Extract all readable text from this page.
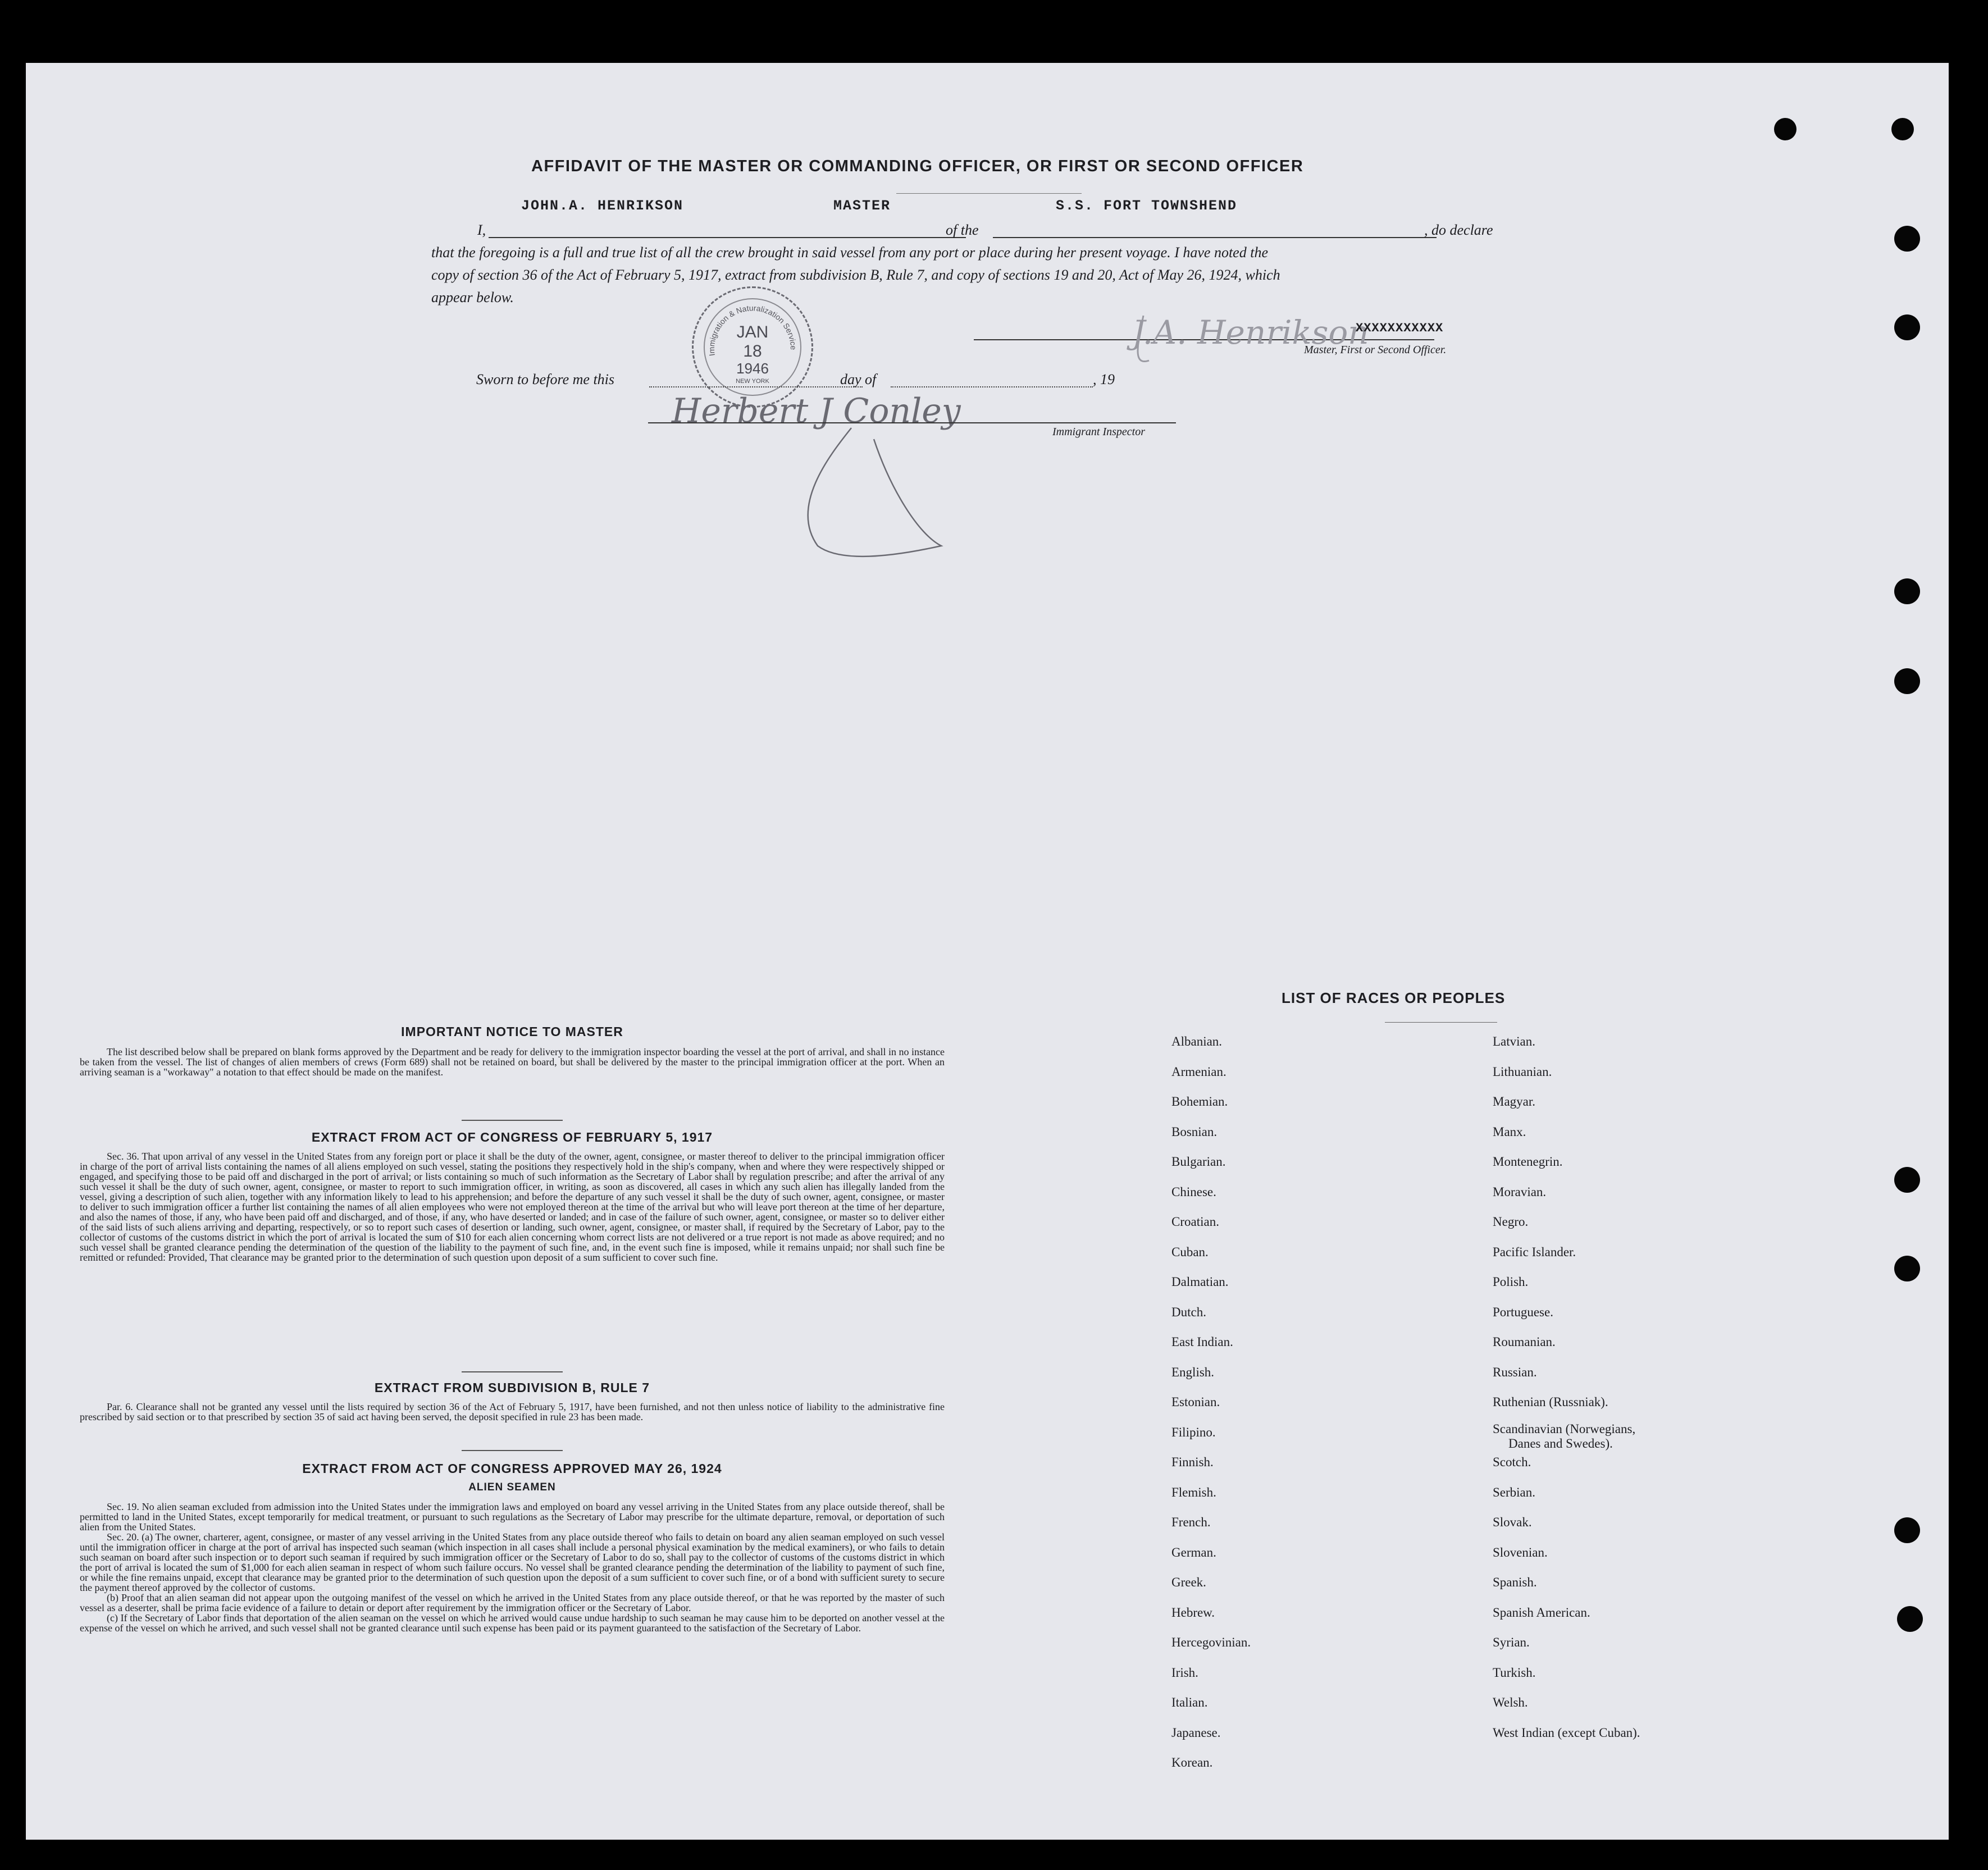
AFFIDAVIT OF THE MASTER OR COMMANDING OFFICER, OR FIRST OR SECOND OFFICER
JOHN.A. HENRIKSON	MASTER	S.S. FORT TOWNSHEND
I,	of the	, do declare
that the foregoing is a full and true list of all the crew brought in said vessel from any port or place during her present voyage. I have noted the
copy of section 36 of the Act of February 5, 1917, extract from subdivision B, Rule 7, and copy of sections 19 and 20, Act of May 26, 1924, which
appear below.
Immigration & Naturalization Service
JAN
18
1946
NEW YORK
J.A. Henrikson
XXXXXXXXXXX
Master, First or Second Officer.
Sworn to before me this	day of	, 19
Herbert J Conley
Immigrant Inspector
IMPORTANT NOTICE TO MASTER

The list described below shall be prepared on blank forms approved by the Department and be ready for delivery to the immigration inspector boarding the vessel at the port of arrival, and shall in no instance be taken from the vessel. The list of changes of alien members of crews (Form 689) shall not be retained on board, but shall be delivered by the master to the principal immigration officer at the port. When an arriving seaman is a "workaway" a notation to that effect should be made on the manifest.

EXTRACT FROM ACT OF CONGRESS OF FEBRUARY 5, 1917

Sec. 36. That upon arrival of any vessel in the United States from any foreign port or place it shall be the duty of the owner, agent, consignee, or master thereof to deliver to the principal immigration officer in charge of the port of arrival lists containing the names of all aliens employed on such vessel, stating the positions they respectively hold in the ship's company, when and where they were respectively shipped or engaged, and specifying those to be paid off and discharged in the port of arrival; or lists containing so much of such information as the Secretary of Labor shall by regulation prescribe; and after the arrival of any such vessel it shall be the duty of such owner, agent, consignee, or master to report to such immigration officer, in writing, as soon as discovered, all cases in which any such alien has illegally landed from the vessel, giving a description of such alien, together with any information likely to lead to his apprehension; and before the departure of any such vessel it shall be the duty of such owner, agent, consignee, or master to deliver to such immigration officer a further list containing the names of all alien employees who were not employed thereon at the time of the arrival but who will leave port thereon at the time of her departure, and also the names of those, if any, who have been paid off and discharged, and of those, if any, who have deserted or landed; and in case of the failure of such owner, agent, consignee, or master so to deliver either of the said lists of such aliens arriving and departing, respectively, or so to report such cases of desertion or landing, such owner, agent, consignee, or master shall, if required by the Secretary of Labor, pay to the collector of customs of the customs district in which the port of arrival is located the sum of $10 for each alien concerning whom correct lists are not delivered or a true report is not made as above required; and no such vessel shall be granted clearance pending the determination of the question of the liability to the payment of such fine, and, in the event such fine is imposed, while it remains unpaid; nor shall such fine be remitted or refunded: Provided, That clearance may be granted prior to the determination of such question upon deposit of a sum sufficient to cover such fine.

EXTRACT FROM SUBDIVISION B, RULE 7

Par. 6. Clearance shall not be granted any vessel until the lists required by section 36 of the Act of February 5, 1917, have been furnished, and not then unless notice of liability to the administrative fine prescribed by said section or to that prescribed by section 35 of said act having been served, the deposit specified in rule 23 has been made.

EXTRACT FROM ACT OF CONGRESS APPROVED MAY 26, 1924
ALIEN SEAMEN

Sec. 19. No alien seaman excluded from admission into the United States under the immigration laws and employed on board any vessel arriving in the United States from any place outside thereof, shall be permitted to land in the United States, except temporarily for medical treatment, or pursuant to such regulations as the Secretary of Labor may prescribe for the ultimate departure, removal, or deportation of such alien from the United States.

Sec. 20. (a) The owner, charterer, agent, consignee, or master of any vessel arriving in the United States from any place outside thereof who fails to detain on board any alien seaman employed on such vessel until the immigration officer in charge at the port of arrival has inspected such seaman (which inspection in all cases shall include a personal physical examination by the medical examiners), or who fails to detain such seaman on board after such inspection or to deport such seaman if required by such immigration officer or the Secretary of Labor to do so, shall pay to the collector of customs of the customs district in which the port of arrival is located the sum of $1,000 for each alien seaman in respect of whom such failure occurs. No vessel shall be granted clearance pending the determination of the liability to payment of such fine, or while the fine remains unpaid, except that clearance may be granted prior to the determination of such question upon the deposit of a sum sufficient to cover such fine, or of a bond with sufficient surety to secure the payment thereof approved by the collector of customs.

(b) Proof that an alien seaman did not appear upon the outgoing manifest of the vessel on which he arrived in the United States from any place outside thereof, or that he was reported by the master of such vessel as a deserter, shall be prima facie evidence of a failure to detain or deport after requirement by the immigration officer or the Secretary of Labor.

(c) If the Secretary of Labor finds that deportation of the alien seaman on the vessel on which he arrived would cause undue hardship to such seaman he may cause him to be deported on another vessel at the expense of the vessel on which he arrived, and such vessel shall not be granted clearance until such expense has been paid or its payment guaranteed to the satisfaction of the Secretary of Labor.

LIST OF RACES OR PEOPLES
Albanian.
Armenian.
Bohemian.
Bosnian.
Bulgarian.
Chinese.
Croatian.
Cuban.
Dalmatian.
Dutch.
East Indian.
English.
Estonian.
Filipino.
Finnish.
Flemish.
French.
German.
Greek.
Hebrew.
Hercegovinian.
Irish.
Italian.
Japanese.
Korean.
Latvian.
Lithuanian.
Magyar.
Manx.
Montenegrin.
Moravian.
Negro.
Pacific Islander.
Polish.
Portuguese.
Roumanian.
Russian.
Ruthenian (Russniak).
Scandinavian (Norwegians,
Scotch.
Serbian.
Slovak.
Slovenian.
Spanish.
Spanish American.
Syrian.
Turkish.
Welsh.
West Indian (except Cuban).
Danes and Swedes).
